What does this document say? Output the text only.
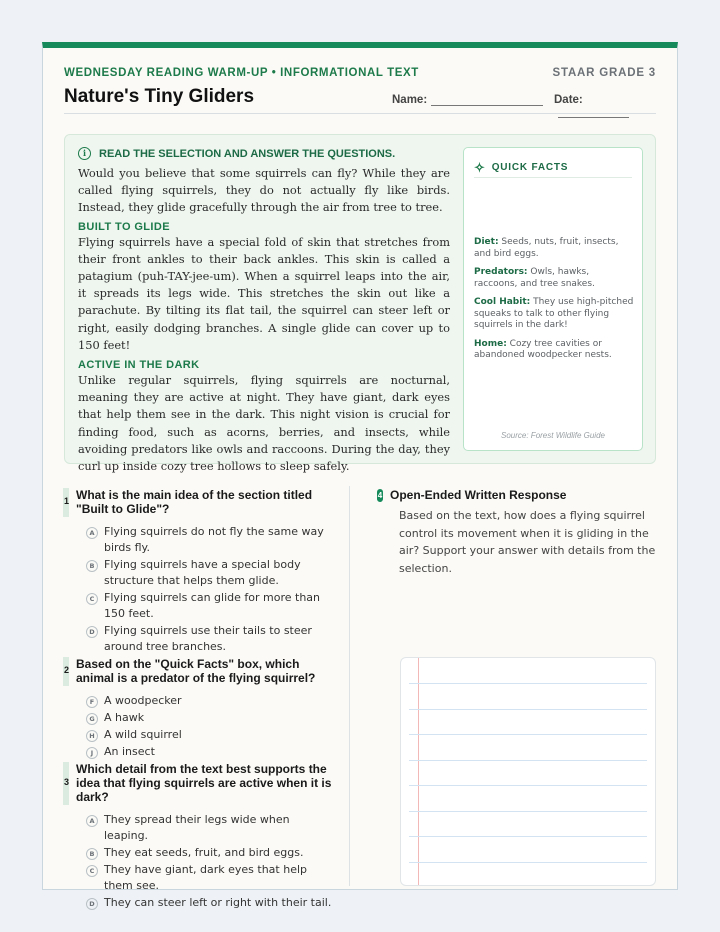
WEDNESDAY READING WARM-UP • INFORMATIONAL TEXT	STAAR GRADE 3
Nature's Tiny Gliders	Name:	Date:
i	READ THE SELECTION AND ANSWER THE QUESTIONS.

Would you believe that some squirrels can fly? While they are called flying squirrels, they do not actually fly like birds. Instead, they glide gracefully through the air from tree to tree.

BUILT TO GLIDE

Flying squirrels have a special fold of skin that stretches from their front ankles to their back ankles. This skin is called a patagium (puh-TAY-jee-um). When a squirrel leaps into the air, it spreads its legs wide. This stretches the skin out like a parachute. By tilting its flat tail, the squirrel can steer left or right, easily dodging branches. A single glide can cover up to 150 feet!

ACTIVE IN THE DARK

Unlike regular squirrels, flying squirrels are nocturnal, meaning they are active at night. They have giant, dark eyes that help them see in the dark. This night vision is crucial for finding food, such as acorns, berries, and insects, while avoiding predators like owls and raccoons. During the day, they curl up inside cozy tree hollows to sleep safely.

✧ QUICK FACTS
Diet: Seeds, nuts, fruit, insects, and bird eggs.
Predators: Owls, hawks, raccoons, and tree snakes.
Cool Habit: They use high-pitched squeaks to talk to other flying squirrels in the dark!
Home: Cozy tree cavities or abandoned woodpecker nests.
Source: Forest Wildlife Guide
1 What is the main idea of the section titled "Built to Glide"?
A Flying squirrels do not fly the same way birds fly.
B Flying squirrels have a special body structure that helps them glide.
C Flying squirrels can glide for more than 150 feet.
D Flying squirrels use their tails to steer around tree branches.
2 Based on the "Quick Facts" box, which animal is a predator of the flying squirrel?
F A woodpecker
G A hawk
H A wild squirrel
J An insect
3
Which detail from the text best supports the idea that flying squirrels are active when it is dark?
A They spread their legs wide when leaping.
B They eat seeds, fruit, and bird eggs.
C They have giant, dark eyes that help them see.
D They can steer left or right with their tail.
4 Open-Ended Written Response

Based on the text, how does a flying squirrel control its movement when it is gliding in the air? Support your answer with details from the selection.
